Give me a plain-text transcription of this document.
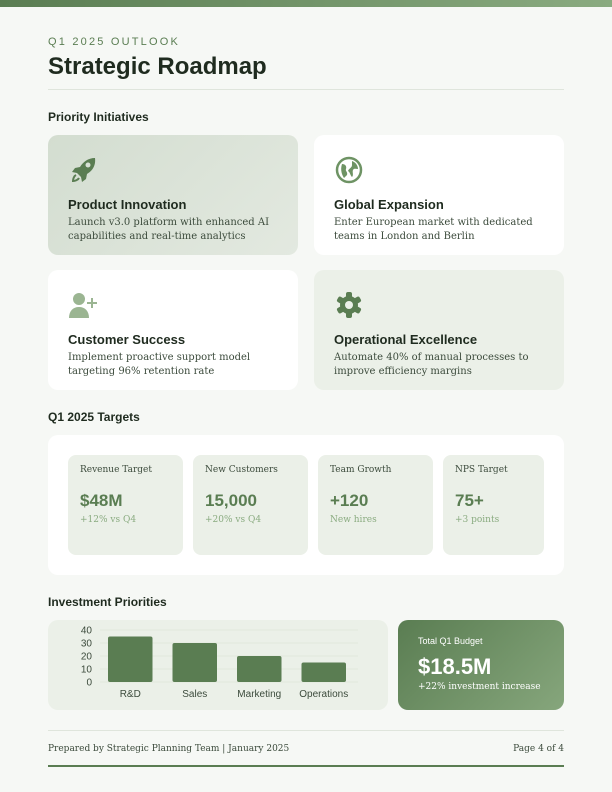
Q1 2025 OUTLOOK
Strategic Roadmap
Priority Initiatives
Product Innovation

Launch v3.0 platform with enhanced AI capabilities and real-time analytics

Global Expansion

Enter European market with dedicated teams in London and Berlin

Customer Success

Implement proactive support model targeting 96% retention rate

Operational Excellence

Automate 40% of manual processes to improve efficiency margins

Q1 2025 Targets
Revenue Target
$48M
+12% vs Q4
New Customers
15,000
+20% vs Q4
Team Growth
+120
New hires
NPS Target
75+
+3 points
Investment Priorities
0
10
20
30
40
R&D	Sales	Marketing Operations
Total Q1 Budget
$18.5M
+22% investment increase
Prepared by Strategic Planning Team | January 2025	Page 4 of 4
